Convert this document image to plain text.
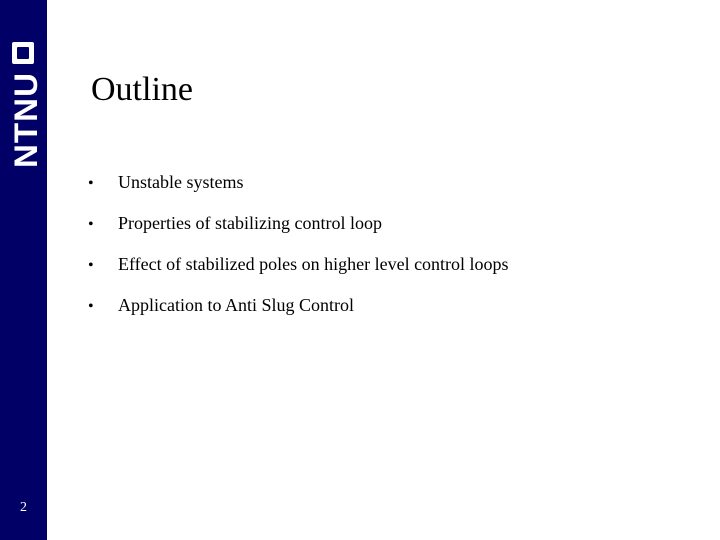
NTNU
2
Outline
•	Unstable systems
•	Properties of stabilizing control loop
•	Effect of stabilized poles on higher level control loops
•	Application to Anti Slug Control
